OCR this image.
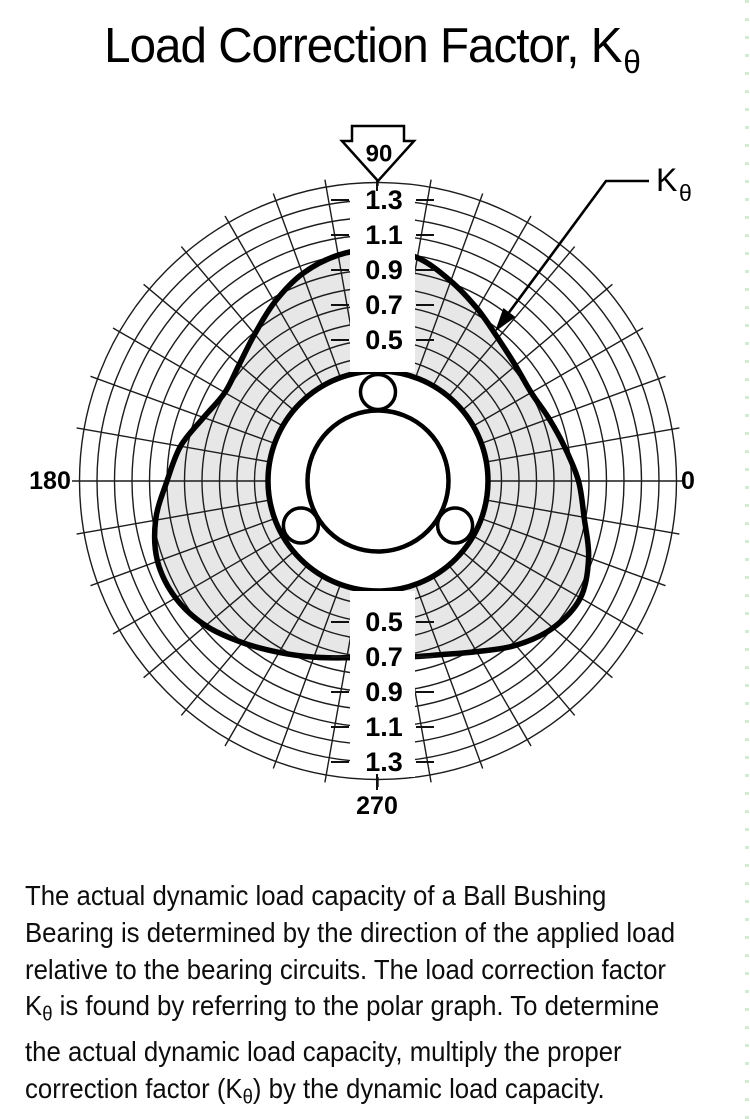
Load Correction Factor, $K_\theta$
0.5
0.5
0.7
0.7
0.9
0.9
1.1
1.1
1.3
1.3
0
180
270
90
K θ
The actual dynamic load capacity of a Ball Bushing
Bearing is determined by the direction of the applied load
relative to the bearing circuits. The load correction factor
$K_\theta$ is found by referring to the polar graph. To determine
the actual dynamic load capacity, multiply the proper
correction factor $(K_\theta)$ by the dynamic load capacity.
